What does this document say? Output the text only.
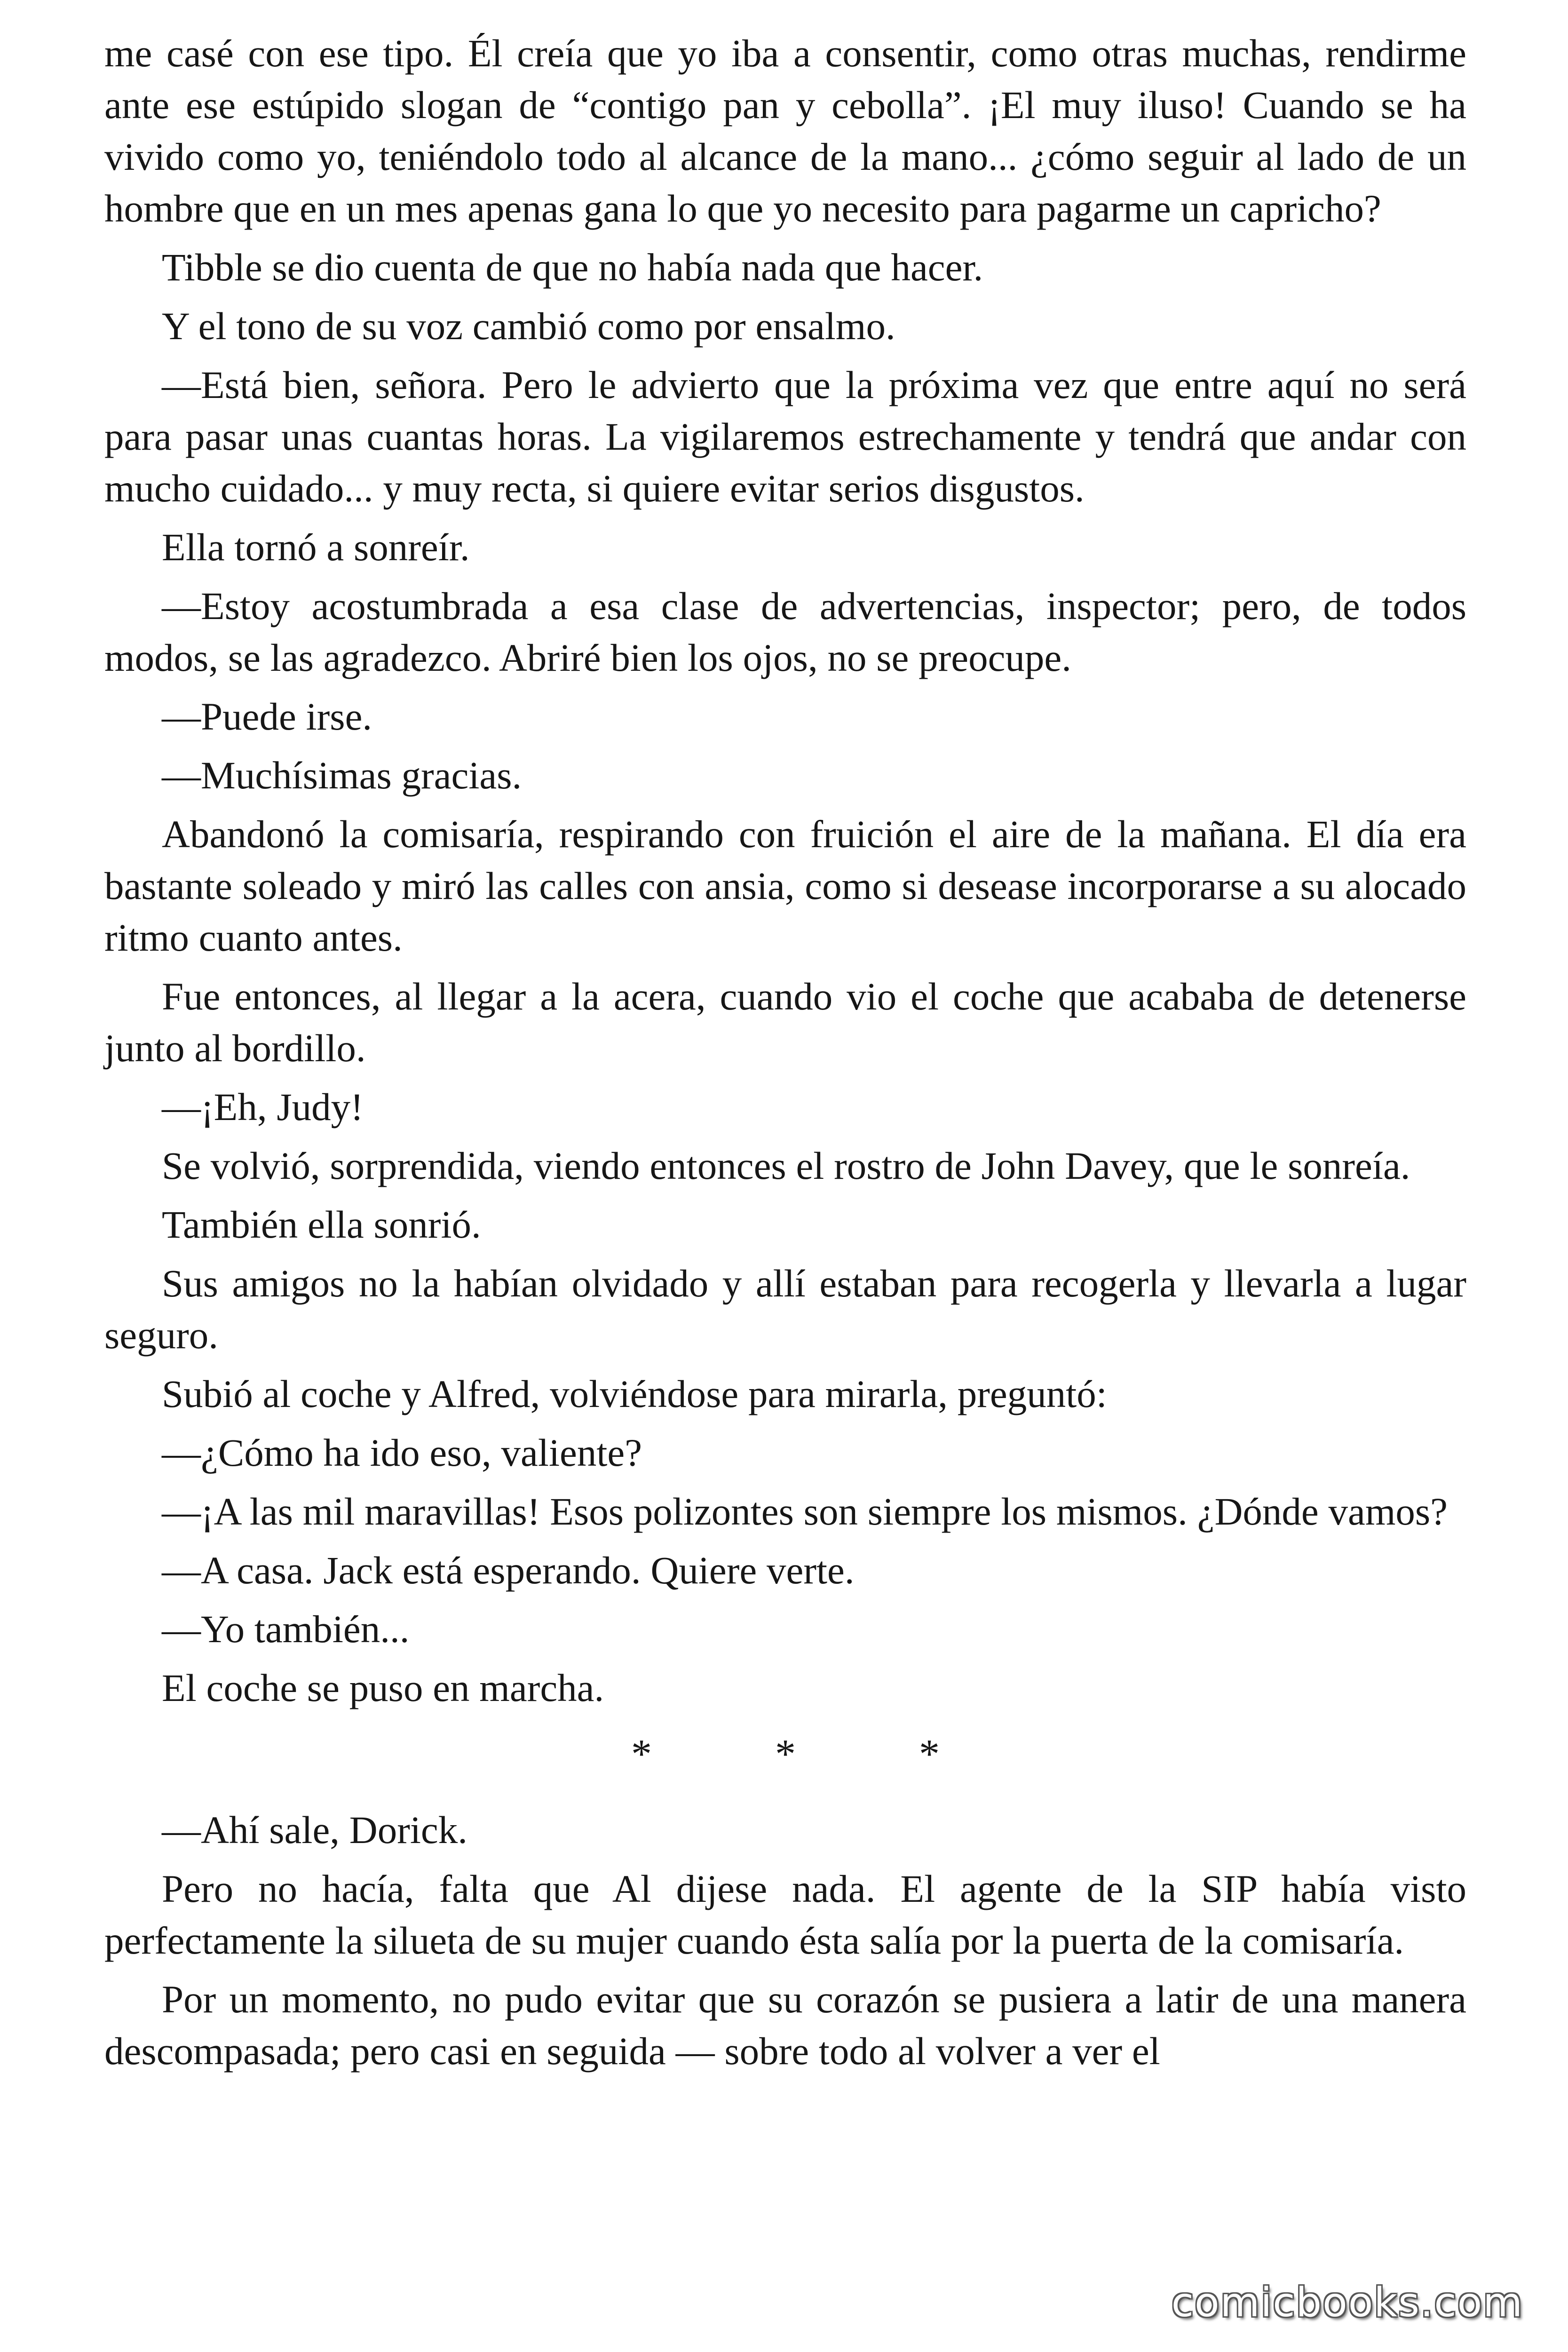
me casé con ese tipo. Él creía que yo iba a consentir, como otras muchas, rendirme ante ese estúpido slogan de “contigo pan y cebolla”. ¡El muy iluso! Cuando se ha vivido como yo, teniéndolo todo al alcance de la mano... ¿cómo seguir al lado de un hombre que en un mes apenas gana lo que yo necesito para pagarme un capricho?

Tibble se dio cuenta de que no había nada que hacer.

Y el tono de su voz cambió como por ensalmo.

—Está bien, señora. Pero le advierto que la próxima vez que entre aquí no será para pasar unas cuantas horas. La vigilaremos estrechamente y tendrá que andar con mucho cuidado... y muy recta, si quiere evitar serios disgustos.

Ella tornó a sonreír.

—Estoy acostumbrada a esa clase de advertencias, inspector; pero, de todos modos, se las agradezco. Abriré bien los ojos, no se preocupe.

—Puede irse.

—Muchísimas gracias.

Abandonó la comisaría, respirando con fruición el aire de la mañana. El día era bastante soleado y miró las calles con ansia, como si desease incorporarse a su alocado ritmo cuanto antes.

Fue entonces, al llegar a la acera, cuando vio el coche que acababa de detenerse junto al bordillo.

—¡Eh, Judy!

Se volvió, sorprendida, viendo entonces el rostro de John Davey, que le sonreía.

También ella sonrió.

Sus amigos no la habían olvidado y allí estaban para recogerla y llevarla a lugar seguro.

Subió al coche y Alfred, volviéndose para mirarla, preguntó:

—¿Cómo ha ido eso, valiente?

—¡A las mil maravillas! Esos polizontes son siempre los mismos. ¿Dónde vamos?

—A casa. Jack está esperando. Quiere verte.

—Yo también...

El coche se puso en marcha.

* * *

—Ahí sale, Dorick.

Pero no hacía, falta que Al dijese nada. El agente de la SIP había visto perfectamente la silueta de su mujer cuando ésta salía por la puerta de la comisaría.

Por un momento, no pudo evitar que su corazón se pusiera a latir de una manera descompasada; pero casi en seguida — sobre todo al volver a ver el

comicbooks.com
